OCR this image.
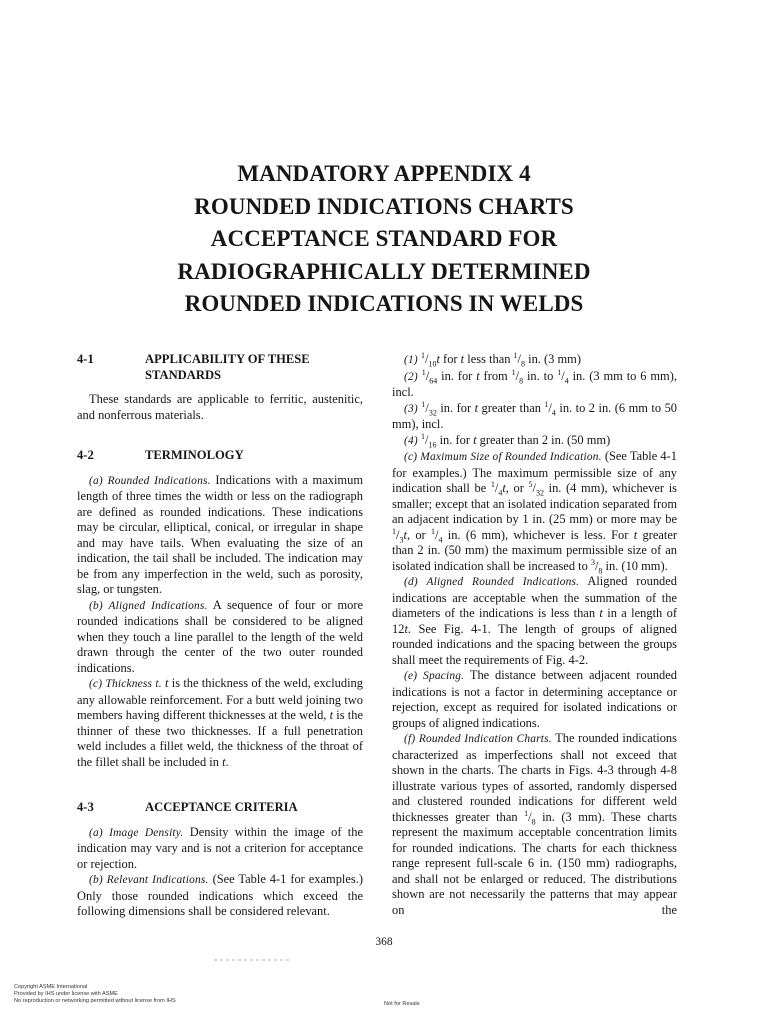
MANDATORY APPENDIX 4
ROUNDED INDICATIONS CHARTS
ACCEPTANCE STANDARD FOR
RADIOGRAPHICALLY DETERMINED
ROUNDED INDICATIONS IN WELDS
4-1	APPLICABILITY OF THESE STANDARDS

These standards are applicable to ferritic, austenitic, and nonferrous materials.

4-2	TERMINOLOGY

(a) Rounded Indications. Indications with a maximum length of three times the width or less on the radiograph are defined as rounded indications. These indications may be circular, elliptical, conical, or irregular in shape and may have tails. When evaluating the size of an indication, the tail shall be included. The indication may be from any imperfection in the weld, such as porosity, slag, or tungsten.

(b) Aligned Indications. A sequence of four or more rounded indications shall be considered to be aligned when they touch a line parallel to the length of the weld drawn through the center of the two outer rounded indications.

(c) Thickness t. t is the thickness of the weld, excluding any allowable reinforcement. For a butt weld joining two members having different thicknesses at the weld, t is the thinner of these two thicknesses. If a full penetration weld includes a fillet weld, the thickness of the throat of the fillet shall be included in t.

4-3	ACCEPTANCE CRITERIA

(a) Image Density. Density within the image of the indication may vary and is not a criterion for acceptance or rejection.

(b) Relevant Indications. (See Table 4-1 for examples.) Only those rounded indications which exceed the following dimensions shall be considered relevant.

(1) $^1/_{10}t$ for t less than $^1/_8$ in. (3 mm)

(2) $^1/_{64}$ in. for t from $^1/_8$ in. to $^1/_4$ in. (3 mm to 6 mm), incl.

(3) $^1/_{32}$ in. for t greater than $^1/_4$ in. to 2 in. (6 mm to 50 mm), incl.

(4) $^1/_{16}$ in. for t greater than 2 in. (50 mm)

(c) Maximum Size of Rounded Indication. (See Table 4-1 for examples.) The maximum permissible size of any indication shall be $^1/_4t$, or $^5/_{32}$ in. (4 mm), whichever is smaller; except that an isolated indication separated from an adjacent indication by 1 in. (25 mm) or more may be $^1/_3t$, or $^1/_4$ in. (6 mm), whichever is less. For t greater than 2 in. (50 mm) the maximum permissible size of an isolated indication shall be increased to $^3/_8$ in. (10 mm).

(d) Aligned Rounded Indications. Aligned rounded indications are acceptable when the summation of the diameters of the indications is less than t in a length of 12t. See Fig. 4-1. The length of groups of aligned rounded indications and the spacing between the groups shall meet the requirements of Fig. 4-2.

(e) Spacing. The distance between adjacent rounded indications is not a factor in determining acceptance or rejection, except as required for isolated indications or groups of aligned indications.

(f) Rounded Indication Charts. The rounded indications characterized as imperfections shall not exceed that shown in the charts. The charts in Figs. 4-3 through 4-8 illustrate various types of assorted, randomly dispersed and clustered rounded indications for different weld thicknesses greater than $^1/_8$ in. (3 mm). These charts represent the maximum acceptable concentration limits for rounded indications. The charts for each thickness range represent full-scale 6 in. (150 mm) radiographs, and shall not be enlarged or reduced. The distributions shown are not necessarily the patterns that may appear on the

368
Copyright ASME International
Provided by IHS under license with ASME
No reproduction or networking permitted without license from IHS	Not for Resale
